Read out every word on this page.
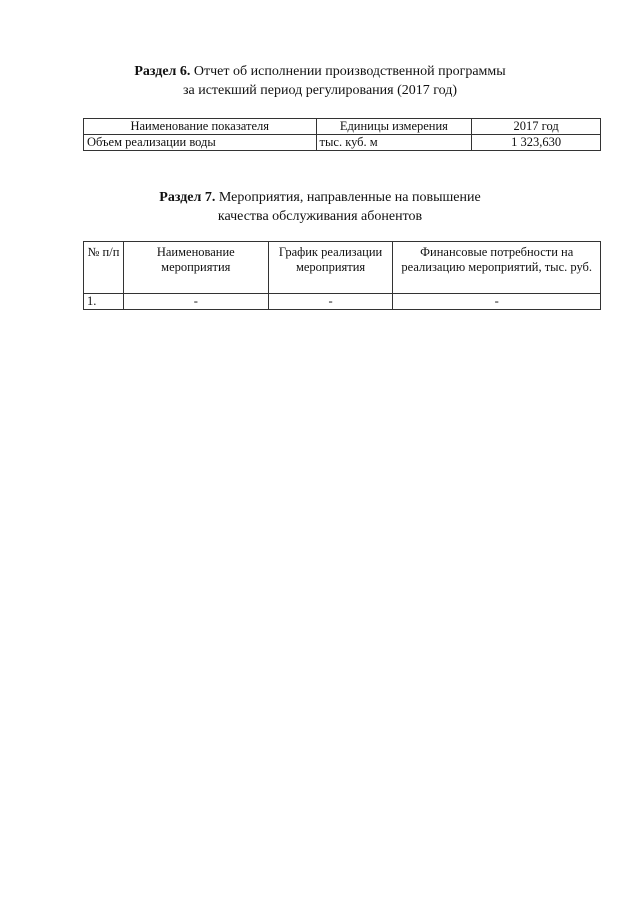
Раздел 6. Отчет об исполнении производственной программы
за истекший период регулирования (2017 год)
Наименование показателя	Единицы измерения	2017 год
Объем реализации воды	тыс. куб. м	1 323,630
Раздел 7. Мероприятия, направленные на повышение
качества обслуживания абонентов
№ п/п	Наименование мероприятия	График реализации мероприятия	Финансовые потребности на реализацию мероприятий, тыс. руб.
1.	-	-	-
